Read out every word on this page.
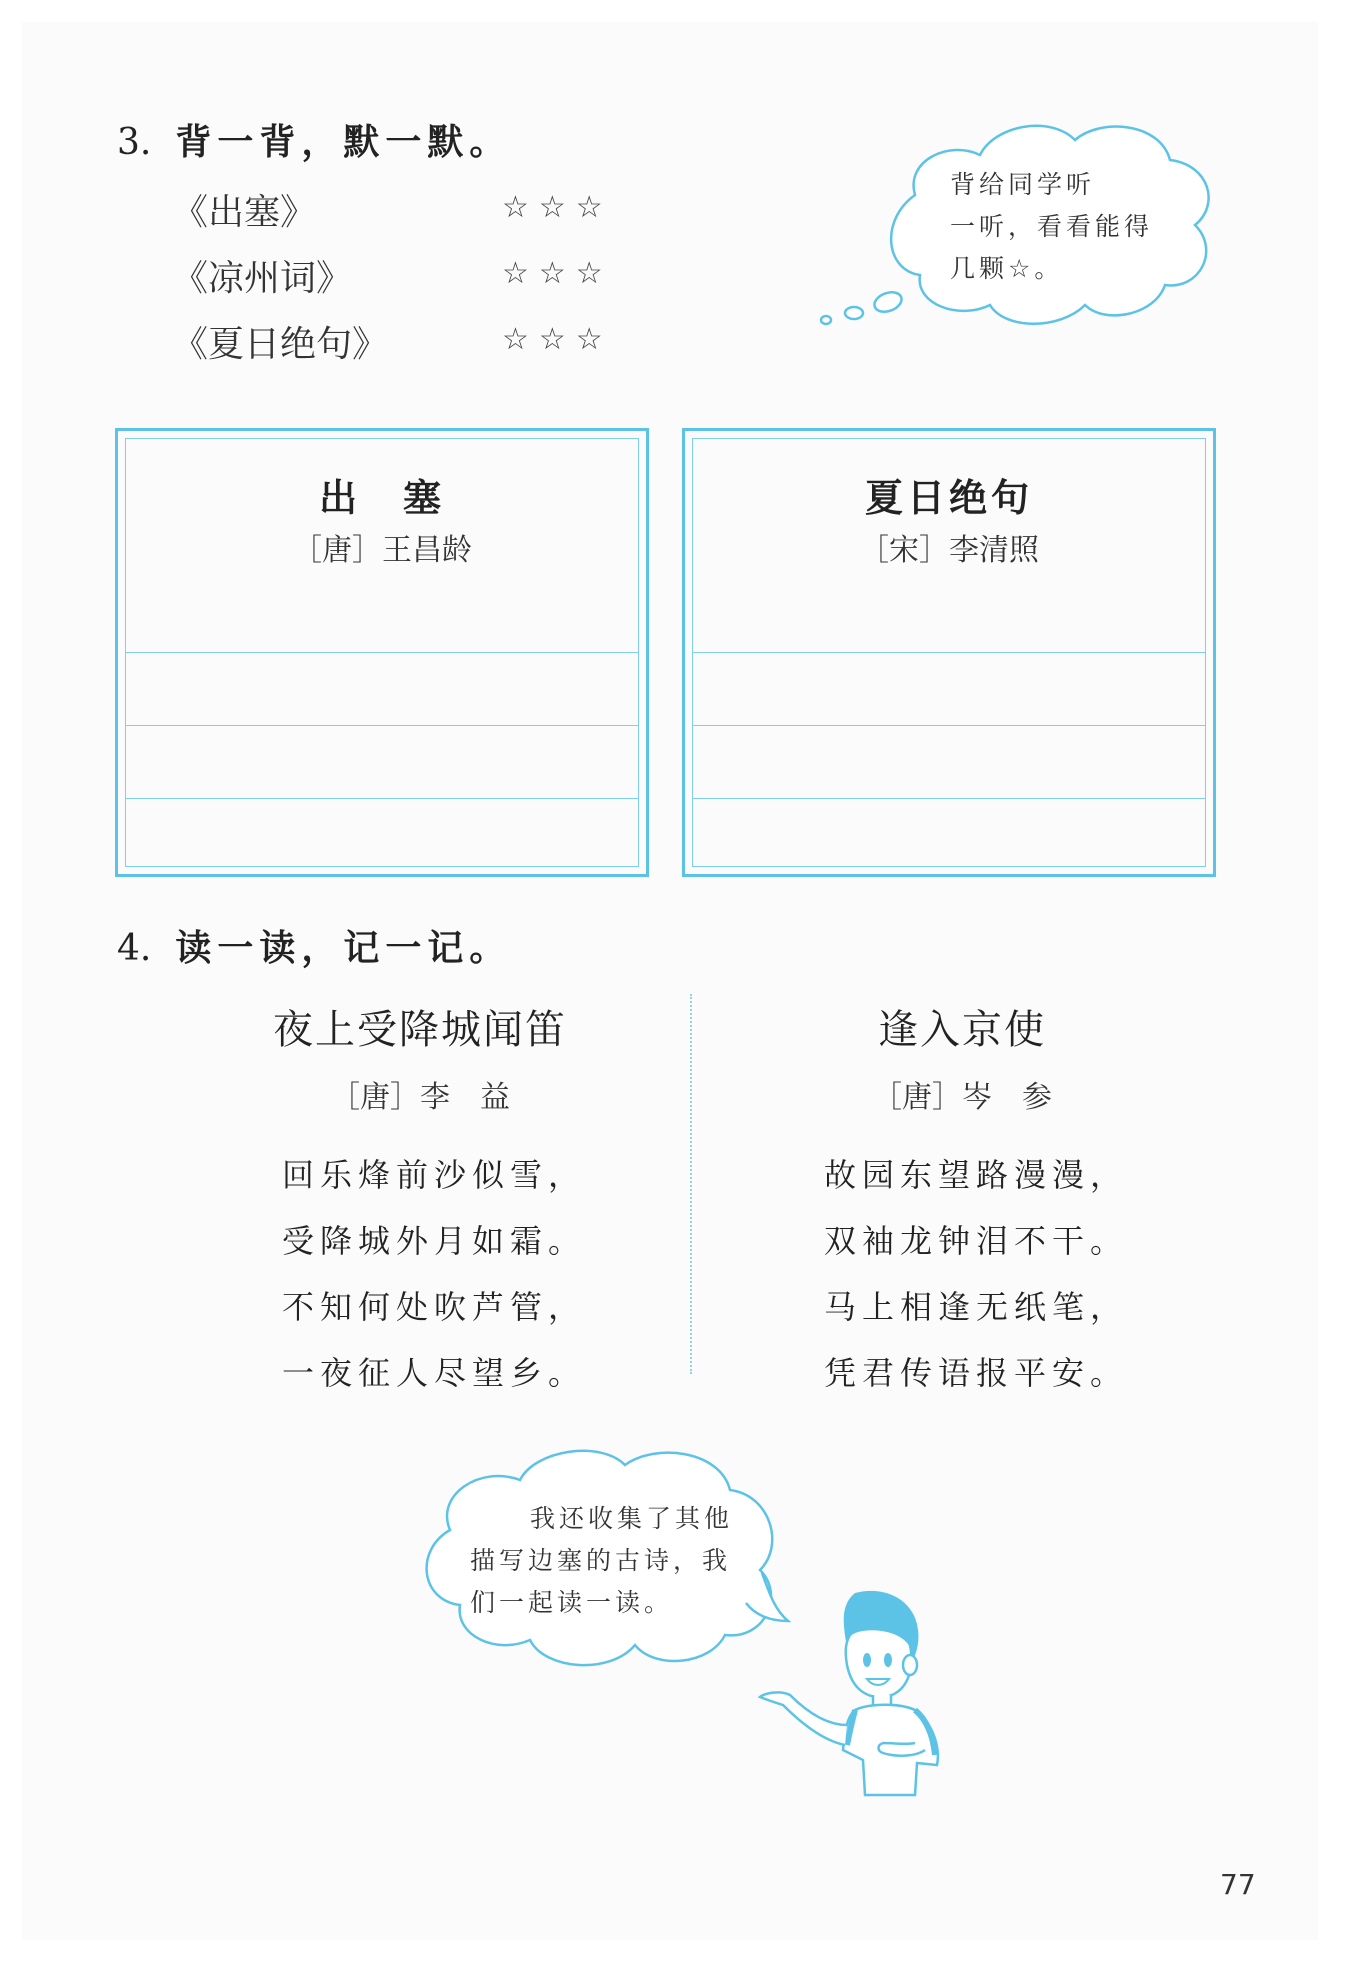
3. 背一背，默一默。
《出塞》	☆☆☆
《凉州词》	☆☆☆
《夏日绝句》	☆☆☆
背给同学听
一听，看看能得
几颗☆。
出　塞
［唐］王昌龄
夏日绝句
［宋］李清照
4. 读一读，记一记。
夜上受降城闻笛
［唐］李　益
回乐烽前沙似雪，
受降城外月如霜。
不知何处吹芦管，
一夜征人尽望乡。
逢入京使
［唐］岑　参
故园东望路漫漫，
双袖龙钟泪不干。
马上相逢无纸笔，
凭君传语报平安。
我还收集了其他
描写边塞的古诗，我
们一起读一读。
77
